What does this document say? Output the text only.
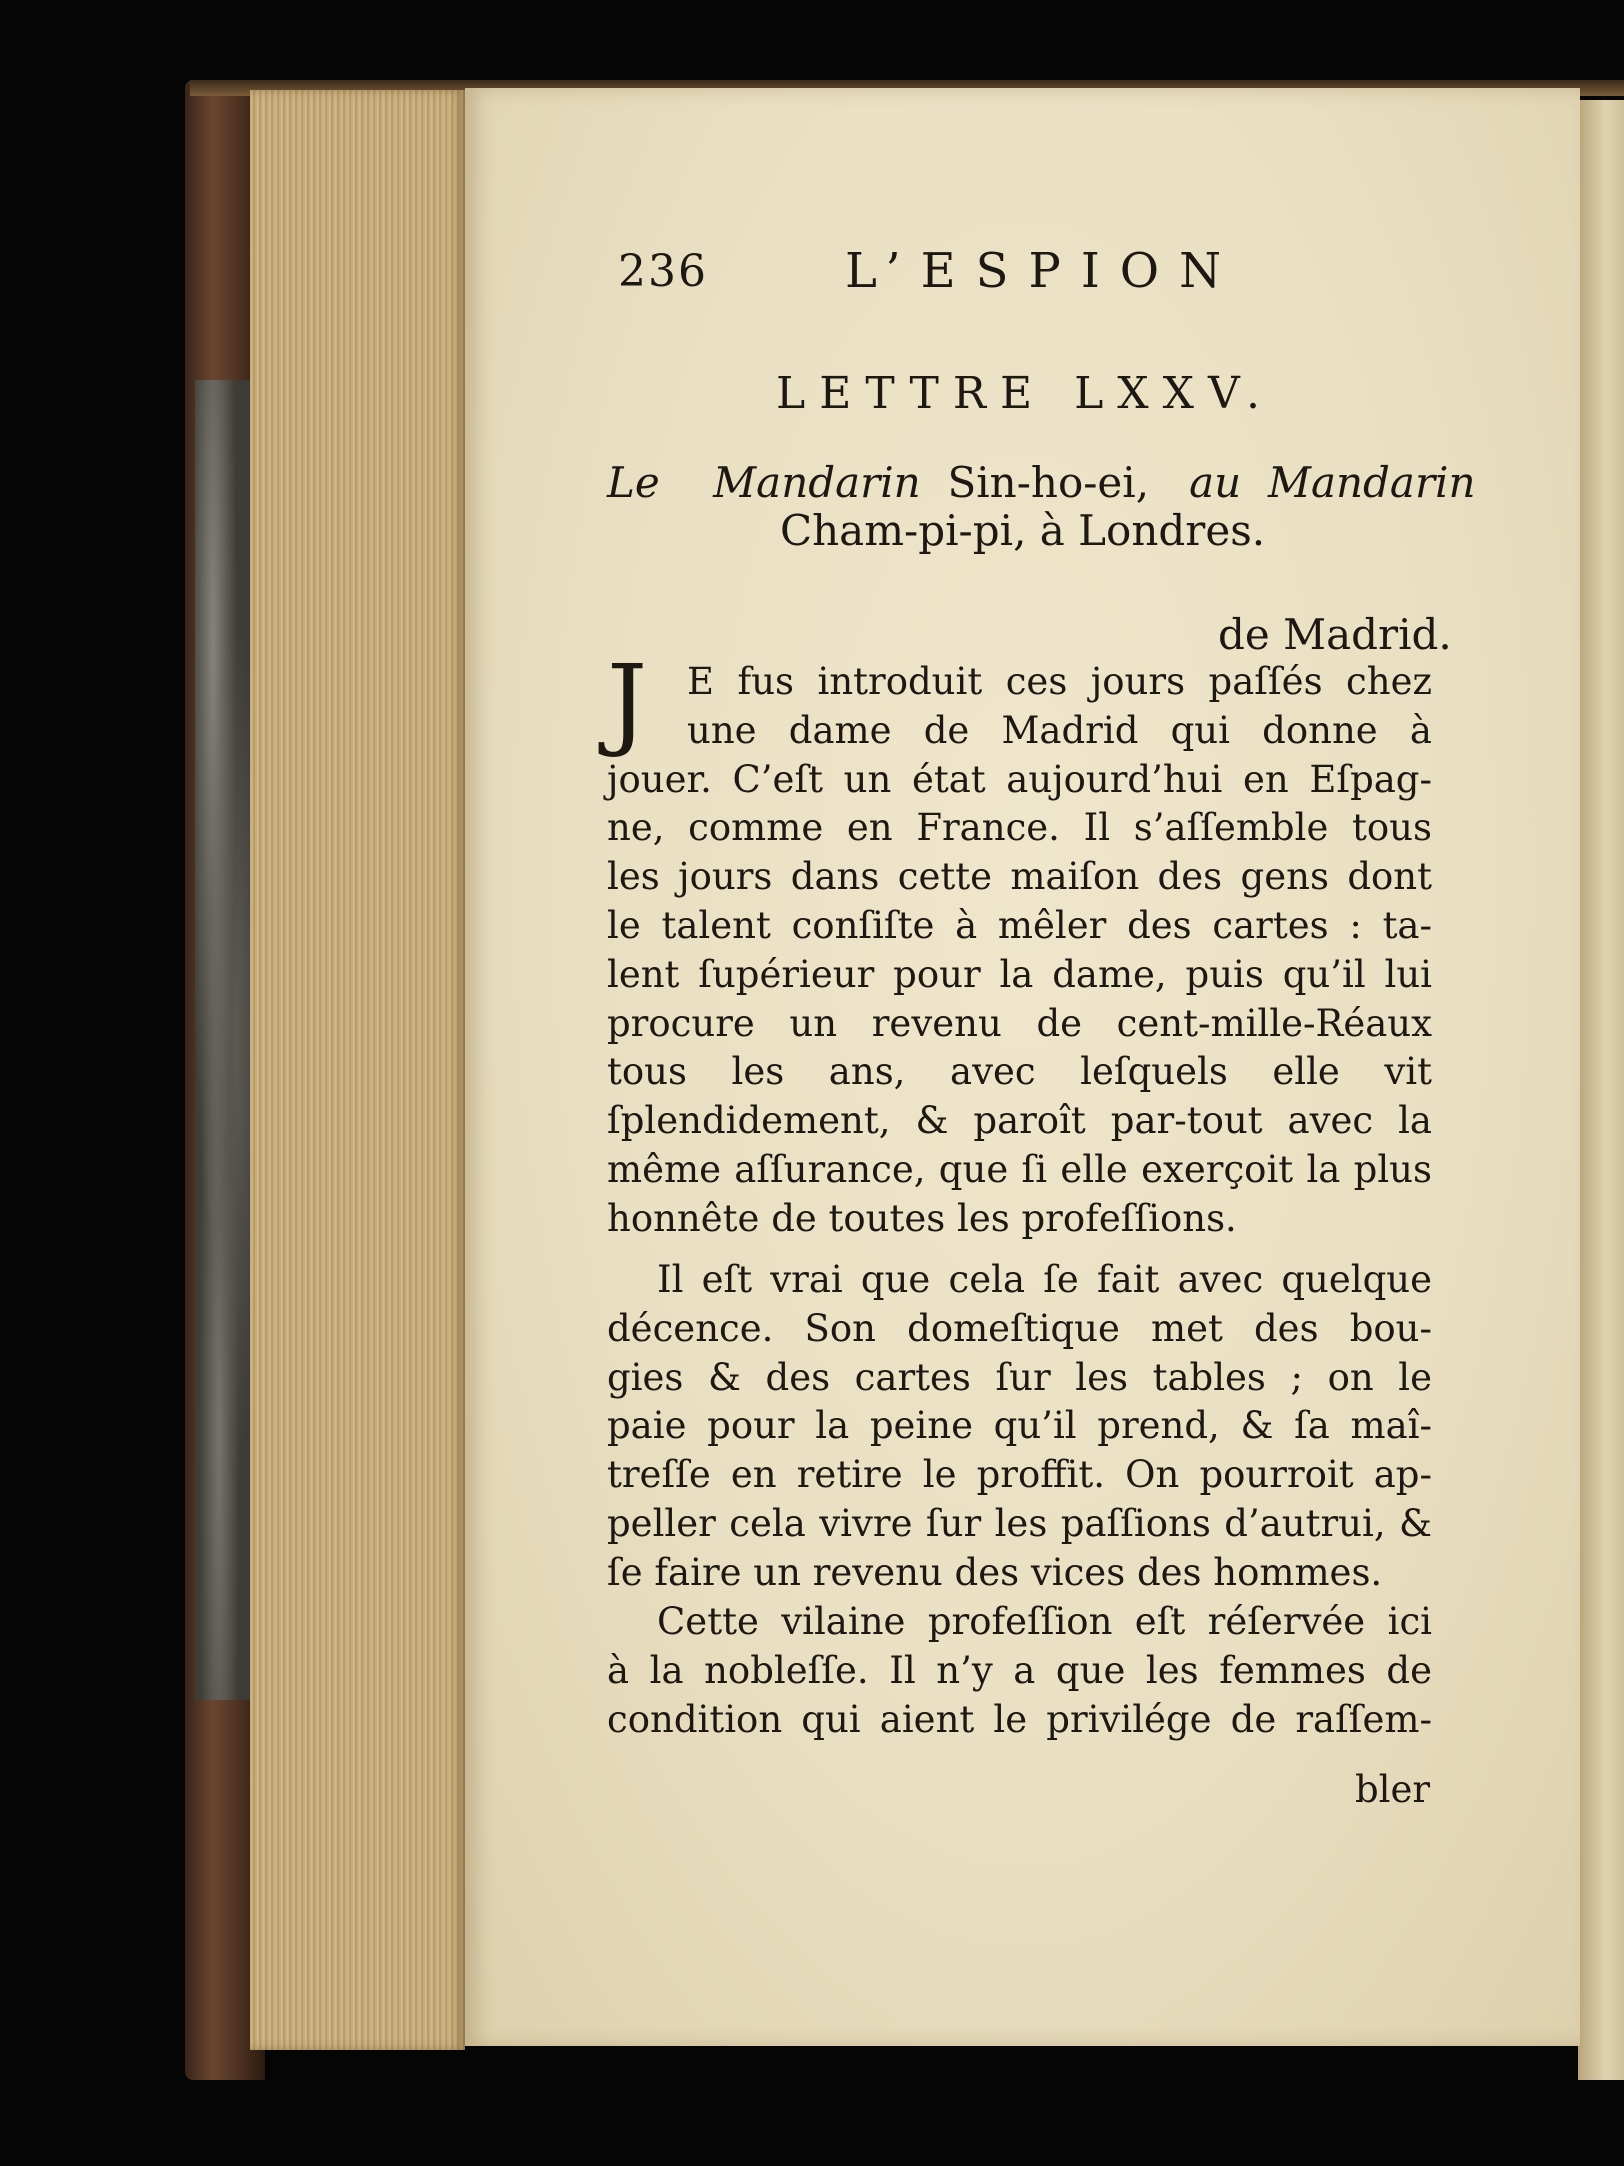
236	L’ESPION
LETTRE LXXV.
Le Mandarin Sin-ho-ei, au Mandarin
Cham-pi-pi, à Londres.
de Madrid.
J	E fus introduit ces jours paſſés chez
une dame de Madrid qui donne à
jouer. C’eſt un état aujourd’hui en Eſpag-
ne, comme en France. Il s’aſſemble tous
les jours dans cette maiſon des gens dont
le talent conſiſte à mêler des cartes : ta-
lent ſupérieur pour la dame, puis qu’il lui
procure un revenu de cent-mille-Réaux
tous les ans, avec leſquels elle vit
ſplendidement, & paroît par-tout avec la
même aſſurance, que ſi elle exerçoit la plus
honnête de toutes les profeſſions.
Il eſt vrai que cela ſe fait avec quelque
décence. Son domeſtique met des bou-
gies & des cartes ſur les tables ; on le
paie pour la peine qu’il prend, & ſa maî-
treſſe en retire le proffit. On pourroit ap-
peller cela vivre ſur les paſſions d’autrui, &
ſe faire un revenu des vices des hommes.
Cette vilaine profeſſion eſt réſervée ici
à la nobleſſe. Il n’y a que les femmes de
condition qui aient le privilége de raſſem-
bler
